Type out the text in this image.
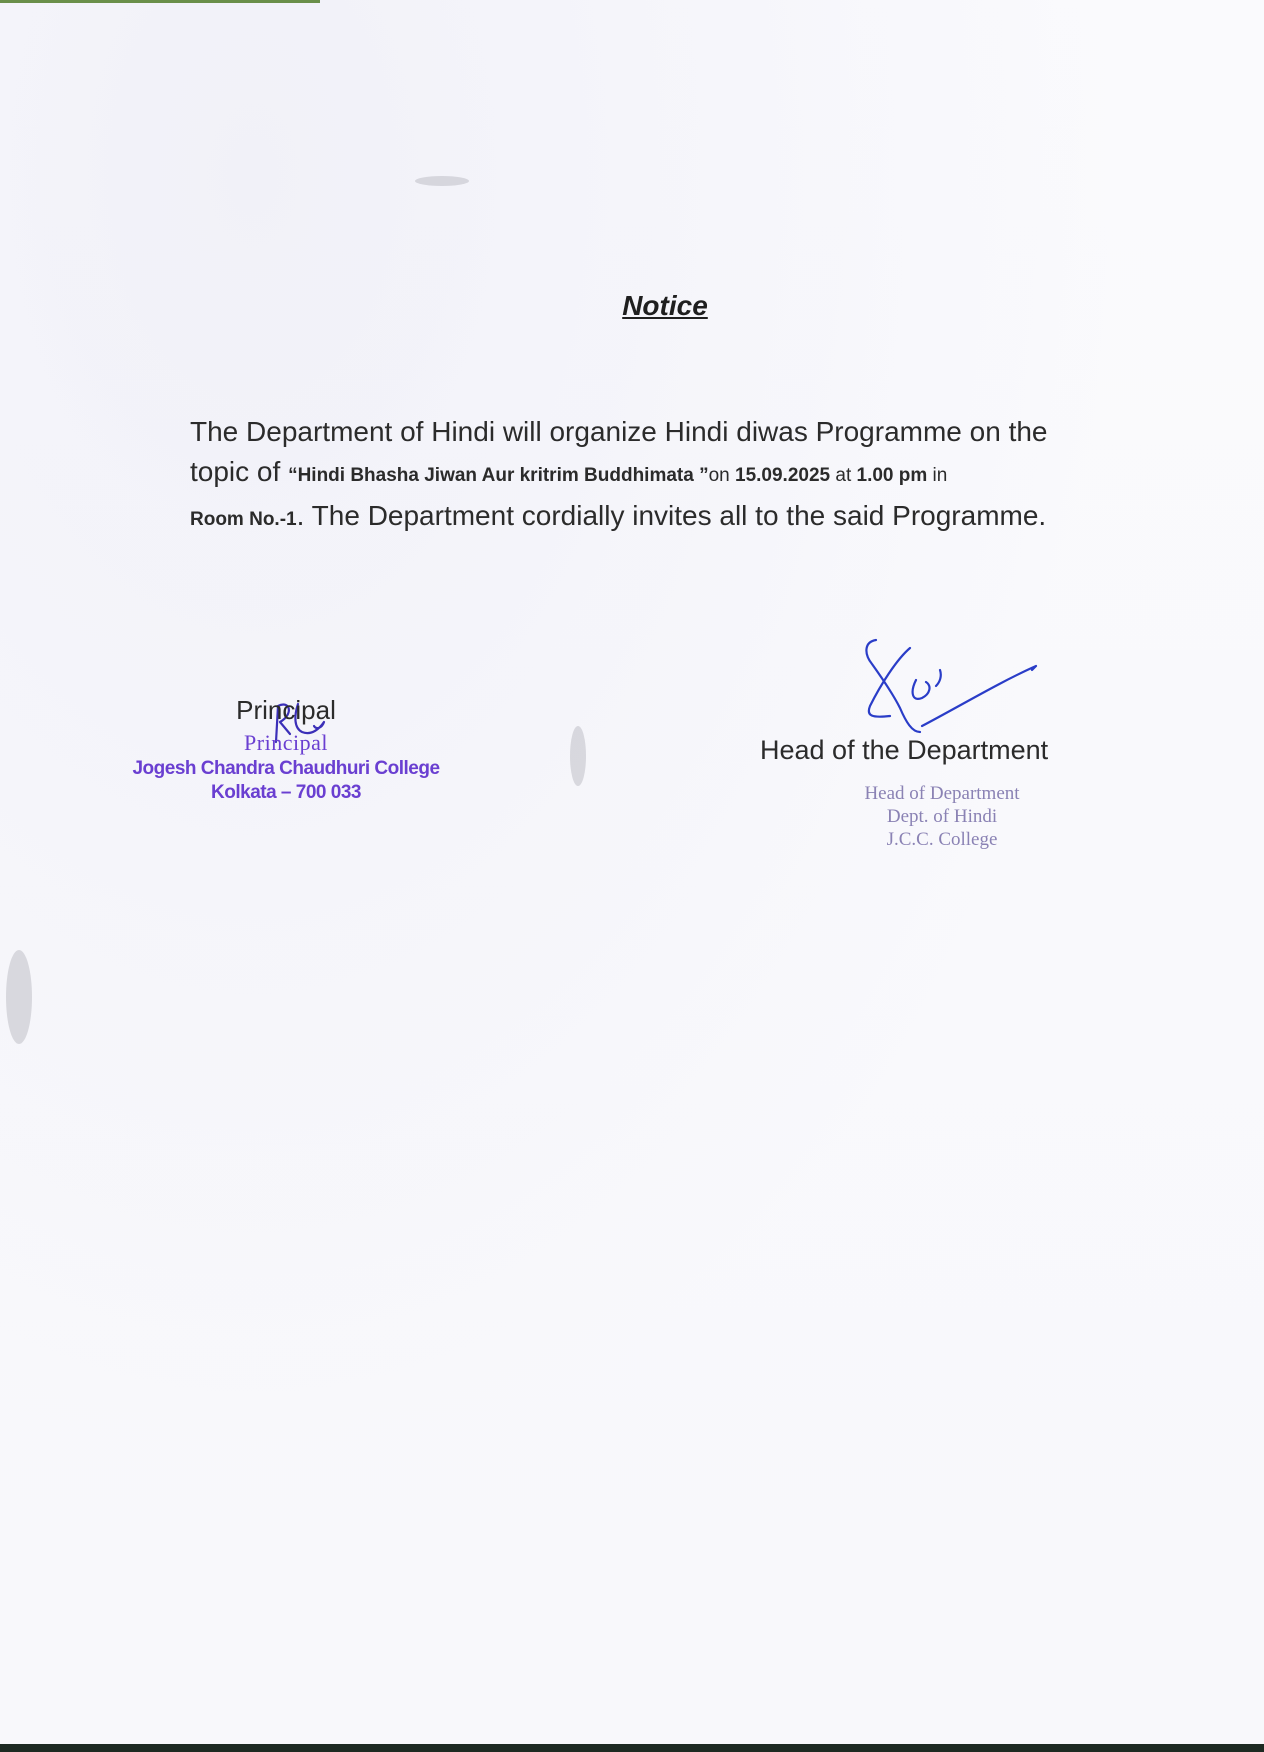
Notice
The Department of Hindi will organize Hindi diwas Programme on the
topic of “Hindi Bhasha Jiwan Aur kritrim Buddhimata ”on 15.09.2025 at 1.00 pm in
Room No.-1. The Department cordially invites all to the said Programme.
Principal
Principal
Jogesh Chandra Chaudhuri College
Kolkata – 700 033
Head of the Department
Head of Department
Dept. of Hindi
J.C.C. College
